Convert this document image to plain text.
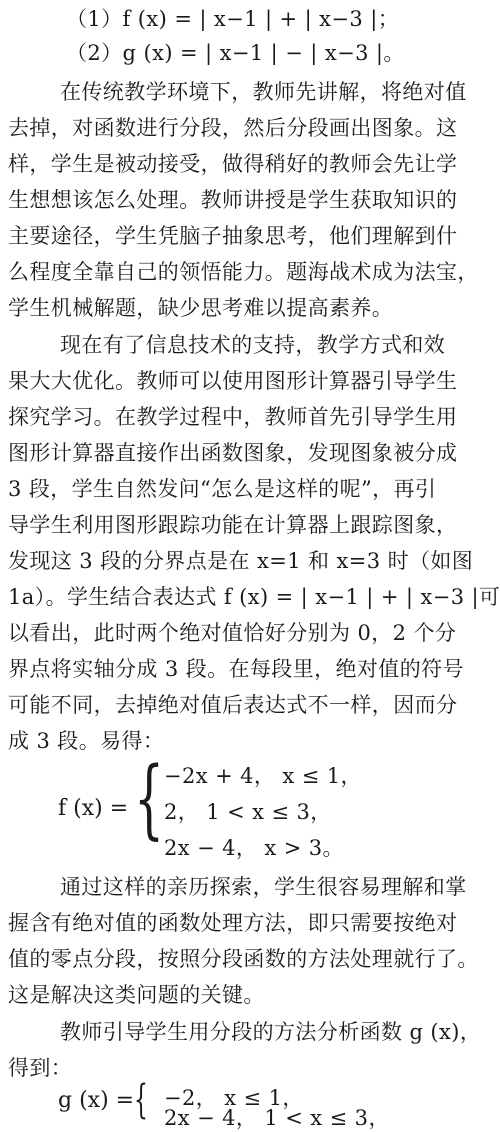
（1）f (x) = | x−1 | + | x−3 |；
（2）g (x) = | x−1 | − | x−3 |。
在传统教学环境下，教师先讲解，将绝对值
去掉，对函数进行分段，然后分段画出图象。这
样，学生是被动接受，做得稍好的教师会先让学
生想想该怎么处理。教师讲授是学生获取知识的
主要途径，学生凭脑子抽象思考，他们理解到什
么程度全靠自己的领悟能力。题海战术成为法宝，
学生机械解题，缺少思考难以提高素养。
现在有了信息技术的支持，教学方式和效
果大大优化。教师可以使用图形计算器引导学生
探究学习。在教学过程中，教师首先引导学生用
图形计算器直接作出函数图象，发现图象被分成
3 段，学生自然发问“怎么是这样的呢”，再引
导学生利用图形跟踪功能在计算器上跟踪图象，
发现这 3 段的分界点是在 x=1 和 x=3 时（如图
1a）。学生结合表达式 f (x) = | x−1 | + | x−3 |可
以看出，此时两个绝对值恰好分别为 0，2 个分
界点将实轴分成 3 段。在每段里，绝对值的符号
可能不同，去掉绝对值后表达式不一样，因而分
成 3 段。易得：
f (x) = { −2x + 4， x ≤ 1，
2， 1 < x ≤ 3，
2x − 4， x > 3。
通过这样的亲历探索，学生很容易理解和掌
握含有绝对值的函数处理方法，即只需要按绝对
值的零点分段，按照分段函数的方法处理就行了。
这是解决这类问题的关键。
教师引导学生用分段的方法分析函数 g (x)，
得到：
g (x) = { −2， x ≤ 1，
2x − 4， 1 < x ≤ 3，
